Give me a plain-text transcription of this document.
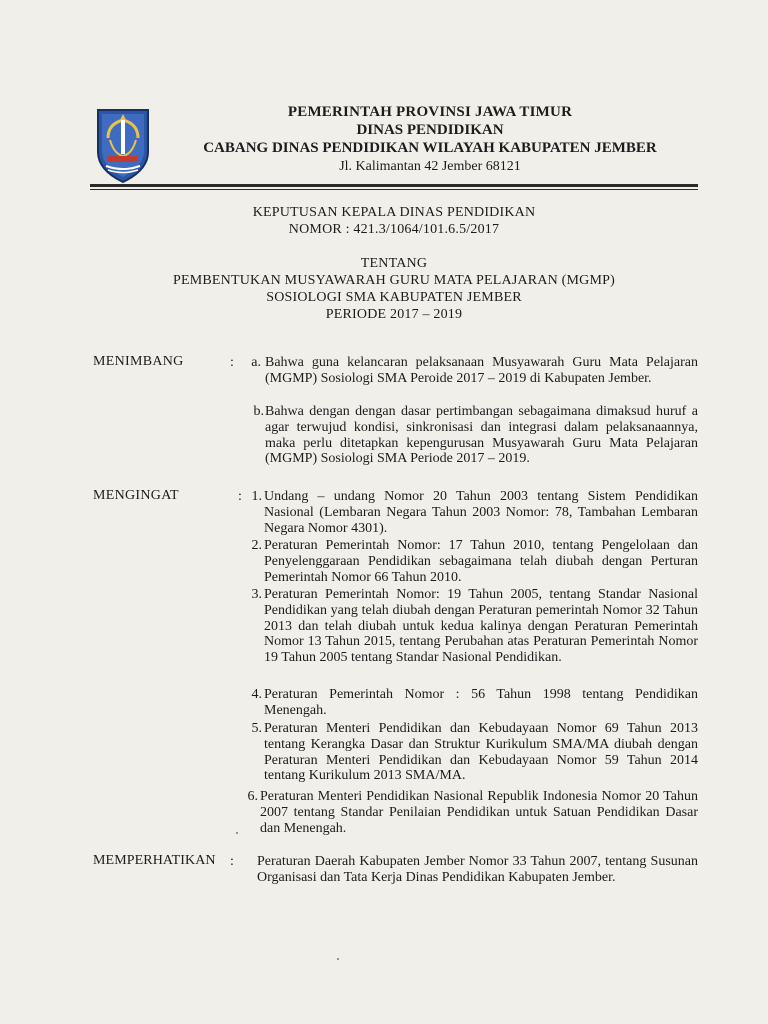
PEMERINTAH PROVINSI JAWA TIMUR
DINAS PENDIDIKAN
CABANG DINAS PENDIDIKAN WILAYAH KABUPATEN JEMBER
Jl. Kalimantan 42 Jember 68121
KEPUTUSAN KEPALA DINAS PENDIDIKAN
NOMOR : 421.3/1064/101.6.5/2017
TENTANG
PEMBENTUKAN MUSYAWARAH GURU MATA PELAJARAN (MGMP)
SOSIOLOGI SMA KABUPATEN JEMBER
PERIODE 2017 – 2019
MENIMBANG	:	a. Bahwa guna kelancaran pelaksanaan Musyawarah Guru Mata Pelajaran (MGMP) Sosiologi SMA Peroide 2017 – 2019 di Kabupaten Jember.
b. Bahwa dengan dengan dasar pertimbangan sebagaimana dimaksud huruf a agar terwujud kondisi, sinkronisasi dan integrasi dalam pelaksanaannya, maka perlu ditetapkan kepengurusan Musyawarah Guru Mata Pelajaran (MGMP) Sosiologi SMA Periode 2017 – 2019.
MENGINGAT	: 1. Undang – undang Nomor 20 Tahun 2003 tentang Sistem Pendidikan Nasional (Lembaran Negara Tahun 2003 Nomor: 78, Tambahan Lembaran Negara Nomor 4301).
2. Peraturan Pemerintah Nomor: 17 Tahun 2010, tentang Pengelolaan dan Penyelenggaraan Pendidikan sebagaimana telah diubah dengan Perturan Pemerintah Nomor 66 Tahun 2010.
3. Peraturan Pemerintah Nomor: 19 Tahun 2005, tentang Standar Nasional Pendidikan yang telah diubah dengan Peraturan pemerintah Nomor 32 Tahun 2013 dan telah diubah untuk kedua kalinya dengan Peraturan Pemerintah Nomor 13 Tahun 2015, tentang Perubahan atas Peraturan Pemerintah Nomor 19 Tahun 2005 tentang Standar Nasional Pendidikan.
4. Peraturan Pemerintah Nomor : 56 Tahun 1998 tentang Pendidikan Menengah.
5. Peraturan Menteri Pendidikan dan Kebudayaan Nomor 69 Tahun 2013 tentang Kerangka Dasar dan Struktur Kurikulum SMA/MA diubah dengan Peraturan Menteri Pendidikan dan Kebudayaan Nomor 59 Tahun 2014 tentang Kurikulum 2013 SMA/MA.
6. Peraturan Menteri Pendidikan Nasional Republik Indonesia Nomor 20 Tahun 2007 tentang Standar Penilaian Pendidikan untuk Satuan Pendidikan Dasar dan Menengah.
MEMPERHATIKAN : Peraturan Daerah Kabupaten Jember Nomor 33 Tahun 2007, tentang Susunan Organisasi dan Tata Kerja Dinas Pendidikan Kabupaten Jember.
